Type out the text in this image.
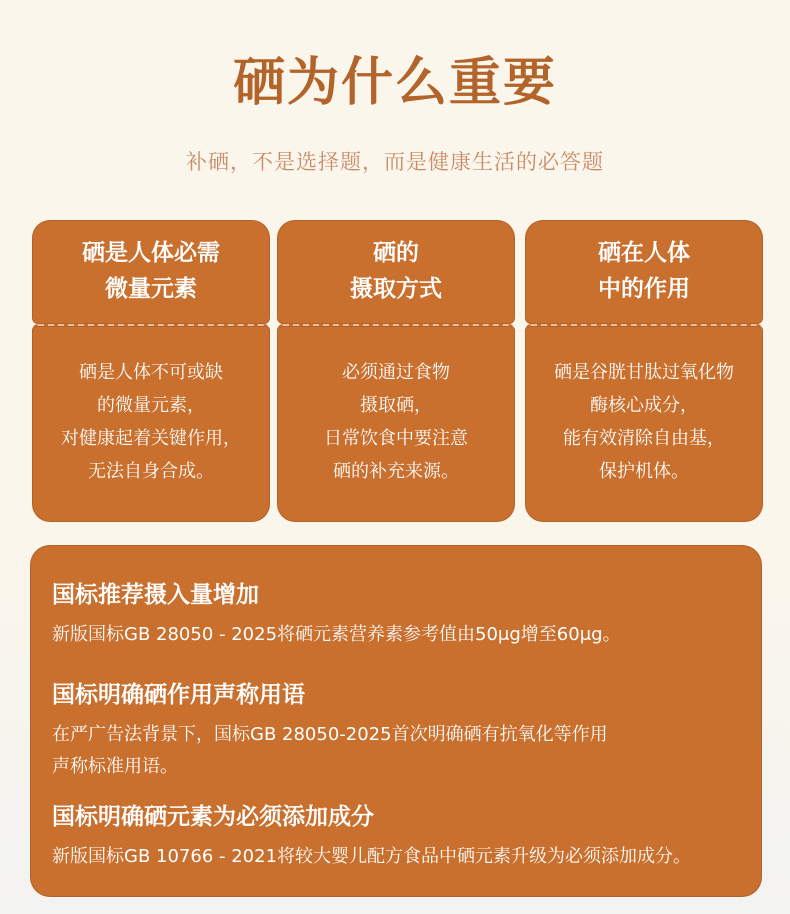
硒为什么重要
补硒，不是选择题，而是健康生活的必答题
硒是人体必需
微量元素
硒是人体不可或缺
的微量元素，
对健康起着关键作用，
无法自身合成。
硒的
摄取方式
必须通过食物
摄取硒，
日常饮食中要注意
硒的补充来源。
硒在人体
中的作用
硒是谷胱甘肽过氧化物
酶核心成分，
能有效清除自由基，
保护机体。
国标推荐摄入量增加
新版国标GB 28050 - 2025将硒元素营养素参考值由50μg增至60μg。
国标明确硒作用声称用语
在严广告法背景下，国标GB 28050-2025首次明确硒有抗氧化等作用
声称标准用语。
国标明确硒元素为必须添加成分
新版国标GB 10766 - 2021将较大婴儿配方食品中硒元素升级为必须添加成分。
